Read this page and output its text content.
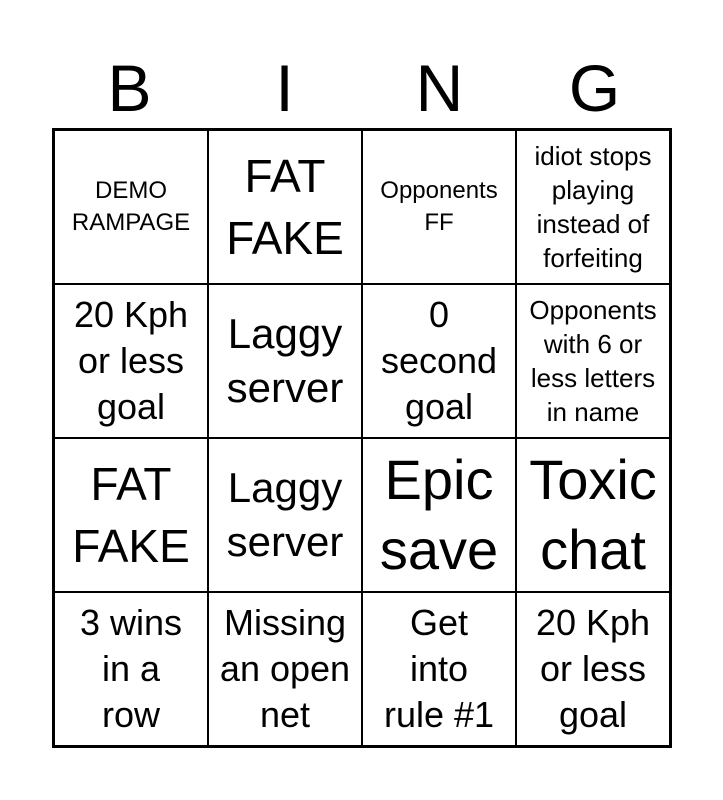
B	I	N	G
DEMO
RAMPAGE
FAT
FAKE
Opponents
FF
idiot stops
playing
instead of
forfeiting
20 Kph
or less
goal
Laggy
server
0
second
goal
Opponents
with 6 or
less letters
in name
FAT
FAKE
Laggy
server
Epic
save
Toxic
chat
3 wins
in a
row
Missing
an open
net
Get
into
rule #1
20 Kph
or less
goal
